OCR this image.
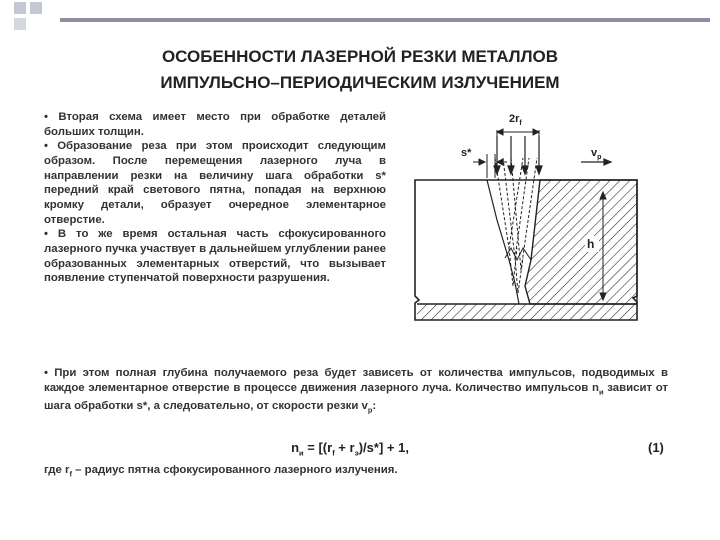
ОСОБЕННОСТИ ЛАЗЕРНОЙ РЕЗКИ МЕТАЛЛОВ
ИМПУЛЬСНО–ПЕРИОДИЧЕСКИМ ИЗЛУЧЕНИЕМ

• Вторая схема имеет место при обработке деталей больших толщин.

• Образование реза при этом происходит следующим образом. После перемещения лазерного луча в направлении резки на величину шага обработки s* передний край светового пятна, попадая на верхнюю кромку детали, образует очередное элементарное отверстие.

• В то же время остальная часть сфокусированного лазерного пучка участвует в дальнейшем углублении ранее образованных элементарных отверстий, что вызывает появление ступенчатой поверхности разрушения.

$2r_f$
s*	$v_р$
h

• При этом полная глубина получаемого реза будет зависеть от количества импульсов, подводимых в каждое элементарное отверстие в процессе движения лазерного луча. Количество импульсов $n_и$ зависит от шага обработки s*, а следовательно, от скорости резки $v_р$:

$n_и = [(r_f + r_э)/s*] + 1$,	(1)
где $r_f$ – радиус пятна сфокусированного лазерного излучения.
